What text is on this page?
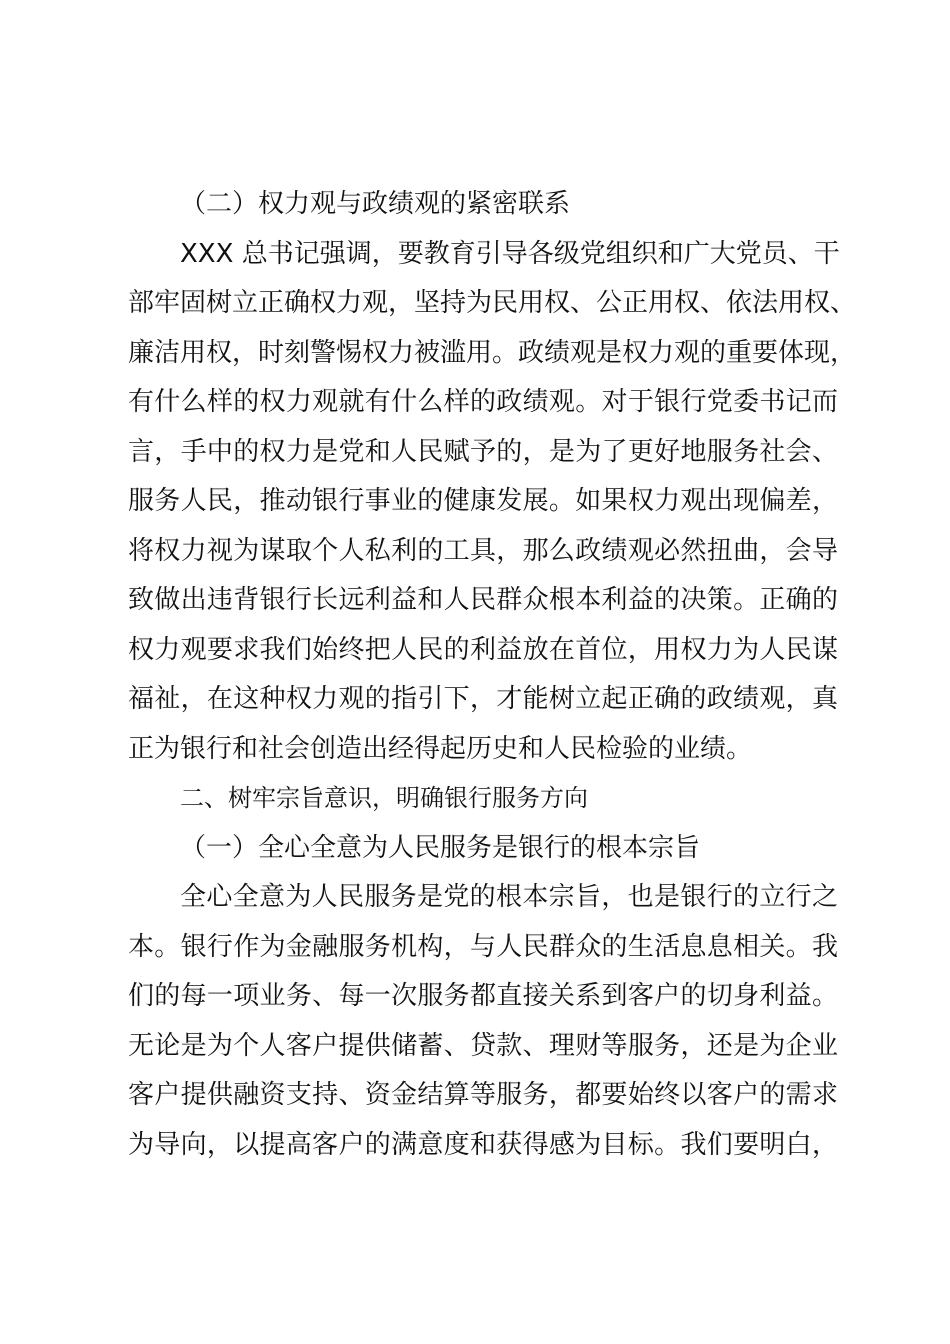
（二）权力观与政绩观的紧密联系
XXX 总书记强调，要教育引导各级党组织和广大党员、干
部牢固树立正确权力观，坚持为民用权、公正用权、依法用权、
廉洁用权，时刻警惕权力被滥用。政绩观是权力观的重要体现，
有什么样的权力观就有什么样的政绩观。对于银行党委书记而
言，手中的权力是党和人民赋予的，是为了更好地服务社会、
服务人民，推动银行事业的健康发展。如果权力观出现偏差，
将权力视为谋取个人私利的工具，那么政绩观必然扭曲，会导
致做出违背银行长远利益和人民群众根本利益的决策。正确的
权力观要求我们始终把人民的利益放在首位，用权力为人民谋
福祉，在这种权力观的指引下，才能树立起正确的政绩观，真
正为银行和社会创造出经得起历史和人民检验的业绩。
二、树牢宗旨意识，明确银行服务方向
（一）全心全意为人民服务是银行的根本宗旨
全心全意为人民服务是党的根本宗旨，也是银行的立行之
本。银行作为金融服务机构，与人民群众的生活息息相关。我
们的每一项业务、每一次服务都直接关系到客户的切身利益。
无论是为个人客户提供储蓄、贷款、理财等服务，还是为企业
客户提供融资支持、资金结算等服务，都要始终以客户的需求
为导向，以提高客户的满意度和获得感为目标。我们要明白，
